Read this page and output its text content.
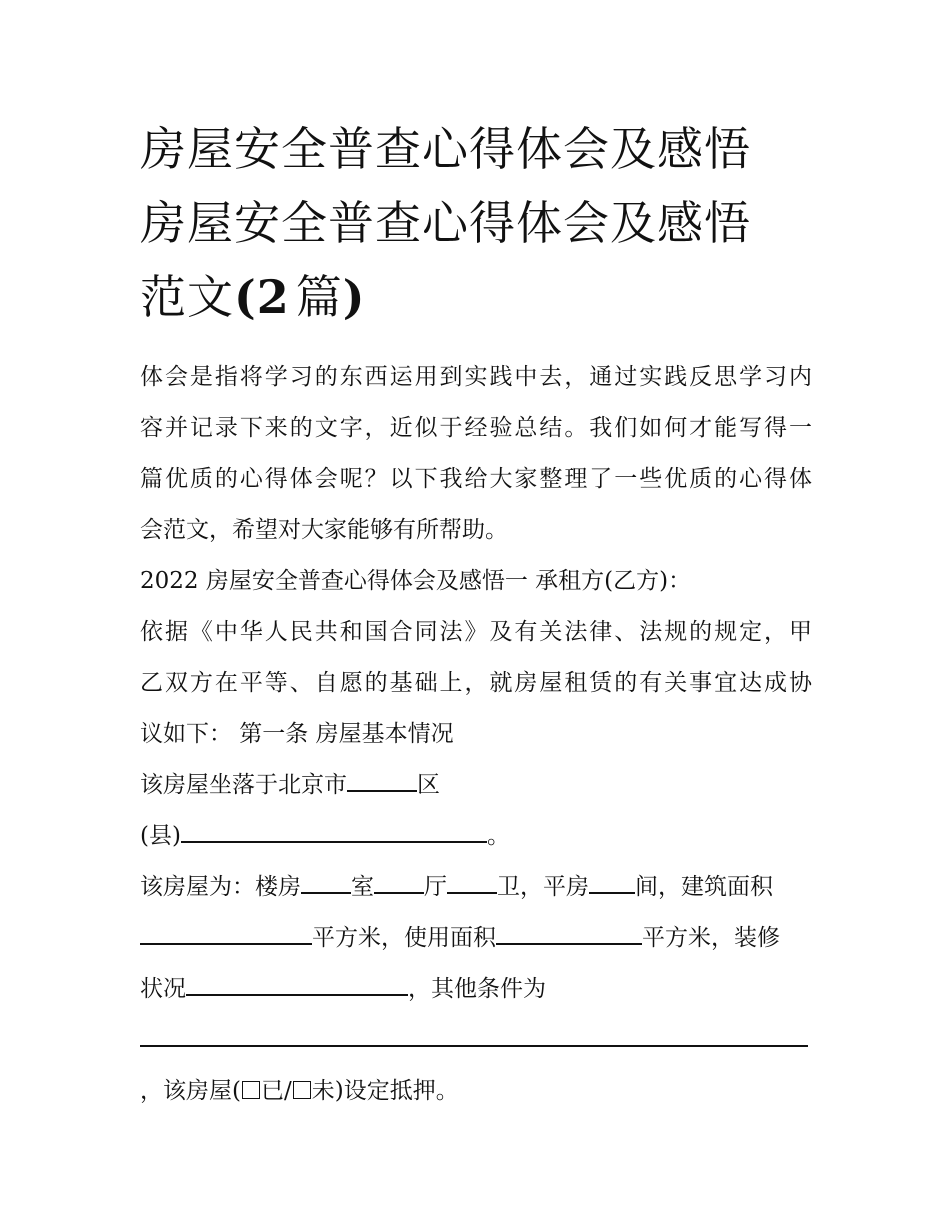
房屋安全普查心得体会及感悟
房屋安全普查心得体会及感悟
范文(2 篇)
体会是指将学习的东西运用到实践中去，通过实践反思学习内
容并记录下来的文字，近似于经验总结。我们如何才能写得一
篇优质的心得体会呢？以下我给大家整理了一些优质的心得体
会范文，希望对大家能够有所帮助。
2022 房屋安全普查心得体会及感悟一 承租方(乙方)：
依据《中华人民共和国合同法》及有关法律、法规的规定，甲
乙双方在平等、自愿的基础上，就房屋租赁的有关事宜达成协
议如下： 第一条 房屋基本情况
该房屋坐落于北京市	区
(县)	。
该房屋为：楼房 室 厅 卫，平房 间，建筑面积
平方米，使用面积	平方米，装修
状况	，其他条件为
，该房屋( 已/ 未)设定抵押。
